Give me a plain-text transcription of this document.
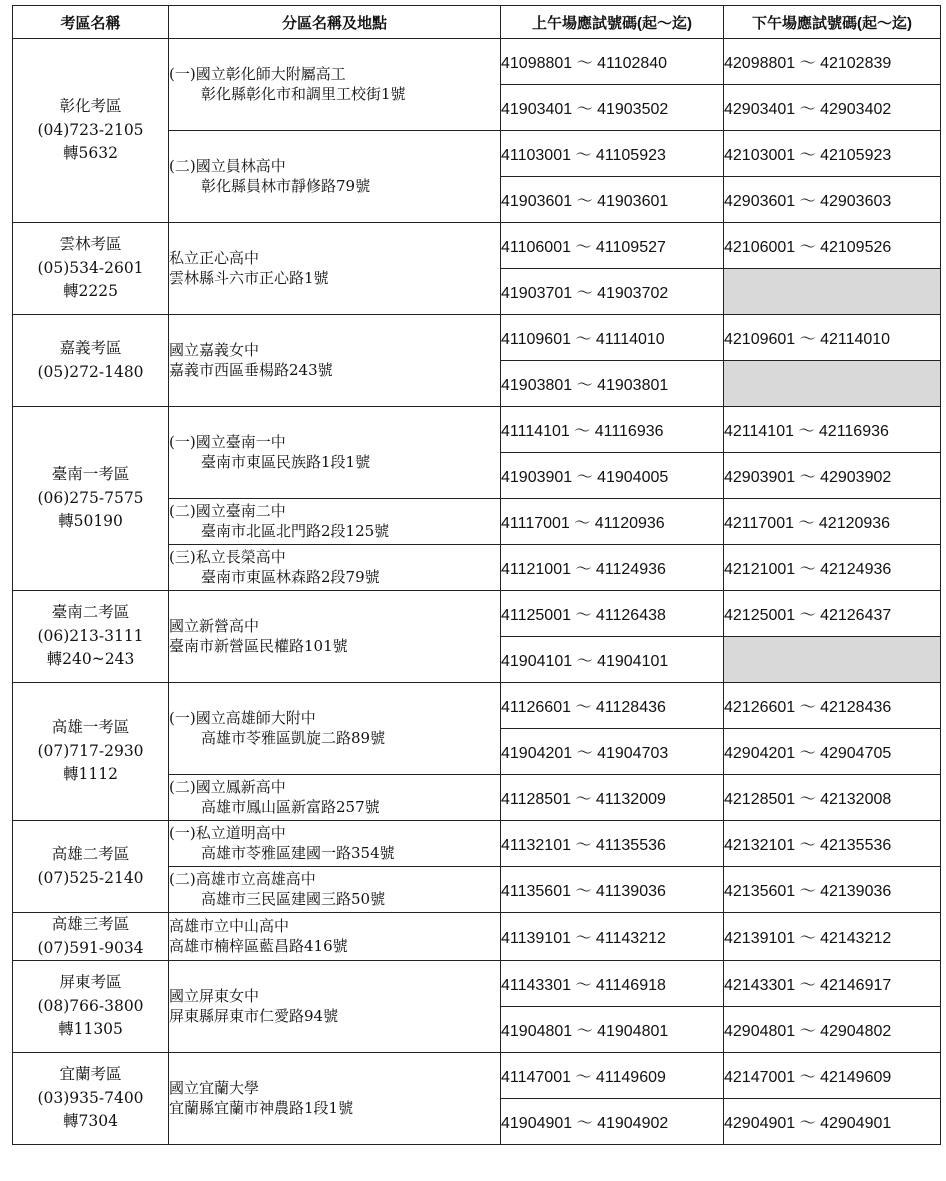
考區名稱	分區名稱及地點	上午場應試號碼(起～迄)	下午場應試號碼(起～迄)

彰化考區
(04)723-2105
轉5632	(一)國立彰化師大附屬高工
彰化縣彰化市和調里工校街1號	41098801 ～ 41102840	42098801 ～ 42102839
		41903401 ～ 41903502	42903401 ～ 42903402

	(二)國立員林高中
彰化縣員林市靜修路79號	41103001 ～ 41105923	42103001 ～ 42105923
		41903601 ～ 41903601	42903601 ～ 42903603

雲林考區
(05)534-2601
轉2225	私立正心高中
雲林縣斗六市正心路1號	41106001 ～ 41109527	42106001 ～ 42109526
		41903701 ～ 41903702	

嘉義考區
(05)272-1480	國立嘉義女中
嘉義市西區垂楊路243號	41109601 ～ 41114010	42109601 ～ 42114010
		41903801 ～ 41903801	

臺南一考區
(06)275-7575
轉50190	(一)國立臺南一中
臺南市東區民族路1段1號	41114101 ～ 41116936	42114101 ～ 42116936
		41903901 ～ 41904005	42903901 ～ 42903902

	(二)國立臺南二中
臺南市北區北門路2段125號	41117001 ～ 41120936	42117001 ～ 42120936

	(三)私立長榮高中
臺南市東區林森路2段79號	41121001 ～ 41124936	42121001 ～ 42124936

臺南二考區
(06)213-3111
轉240~243	國立新營高中
臺南市新營區民權路101號	41125001 ～ 41126438	42125001 ～ 42126437
		41904101 ～ 41904101	

高雄一考區
(07)717-2930
轉1112	(一)國立高雄師大附中
高雄市苓雅區凱旋二路89號	41126601 ～ 41128436	42126601 ～ 42128436
		41904201 ～ 41904703	42904201 ～ 42904705

	(二)國立鳳新高中
高雄市鳳山區新富路257號	41128501 ～ 41132009	42128501 ～ 42132008

高雄二考區
(07)525-2140	(一)私立道明高中
高雄市苓雅區建國一路354號	41132101 ～ 41135536	42132101 ～ 42135536

	(二)高雄市立高雄高中
高雄市三民區建國三路50號	41135601 ～ 41139036	42135601 ～ 42139036

高雄三考區
(07)591-9034	高雄市立中山高中
高雄市楠梓區藍昌路416號	41139101 ～ 41143212	42139101 ～ 42143212

屏東考區
(08)766-3800
轉11305	國立屏東女中
屏東縣屏東市仁愛路94號	41143301 ～ 41146918	42143301 ～ 42146917
		41904801 ～ 41904801	42904801 ～ 42904802

宜蘭考區
(03)935-7400
轉7304	國立宜蘭大學
宜蘭縣宜蘭市神農路1段1號	41147001 ～ 41149609	42147001 ～ 42149609
		41904901 ～ 41904902	42904901 ～ 42904901
